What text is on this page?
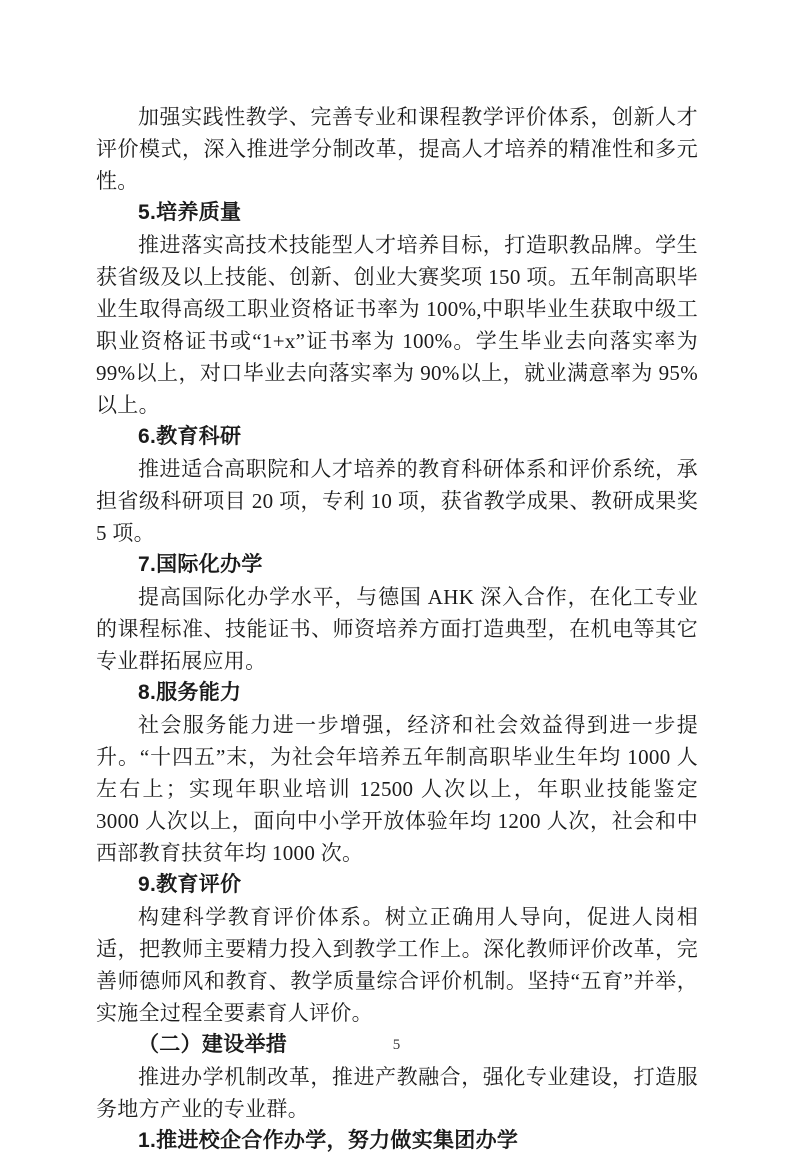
加强实践性教学、完善专业和课程教学评价体系，创新人才评价模式，深入推进学分制改革，提高人才培养的精准性和多元性。

5.培养质量

推进落实高技术技能型人才培养目标，打造职教品牌。学生获省级及以上技能、创新、创业大赛奖项 150 项。五年制高职毕业生取得高级工职业资格证书率为 100%,中职毕业生获取中级工职业资格证书或“1+x”证书率为 100%。学生毕业去向落实率为 99%以上，对口毕业去向落实率为 90%以上，就业满意率为 95%以上。

6.教育科研

推进适合高职院和人才培养的教育科研体系和评价系统，承担省级科研项目 20 项，专利 10 项，获省教学成果、教研成果奖 5 项。

7.国际化办学

提高国际化办学水平，与德国 AHK 深入合作，在化工专业的课程标准、技能证书、师资培养方面打造典型，在机电等其它专业群拓展应用。

8.服务能力

社会服务能力进一步增强，经济和社会效益得到进一步提升。“十四五”末，为社会年培养五年制高职毕业生年均 1000 人左右上；实现年职业培训 12500 人次以上，年职业技能鉴定 3000 人次以上，面向中小学开放体验年均 1200 人次，社会和中西部教育扶贫年均 1000 次。

9.教育评价

构建科学教育评价体系。树立正确用人导向，促进人岗相适，把教师主要精力投入到教学工作上。深化教师评价改革，完善师德师风和教育、教学质量综合评价机制。坚持“五育”并举，实施全过程全要素育人评价。

（二）建设举措

推进办学机制改革，推进产教融合，强化专业建设，打造服务地方产业的专业群。

1.推进校企合作办学，努力做实集团办学

5
